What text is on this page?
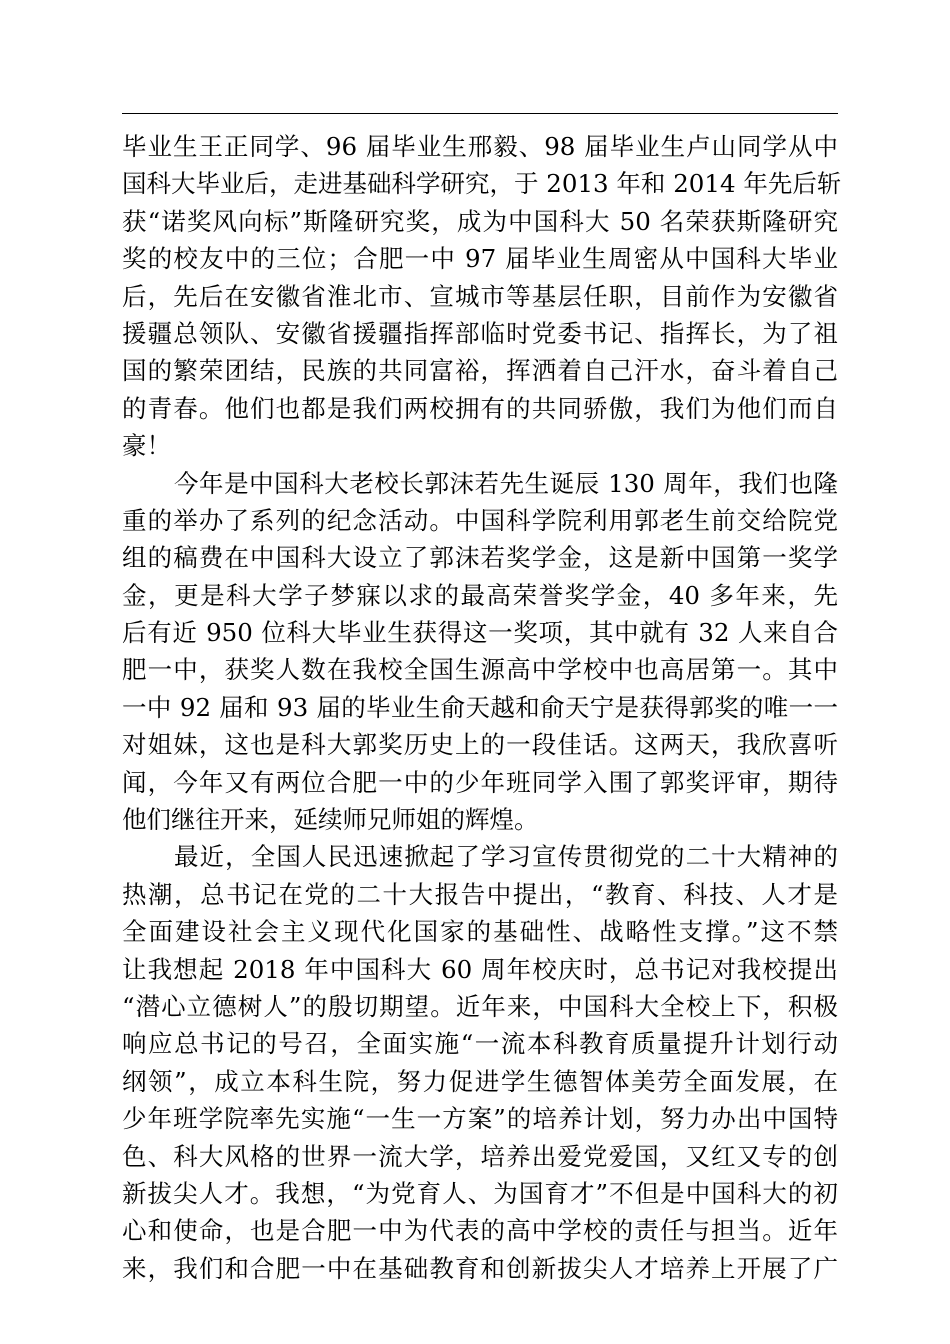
毕业生王正同学、96 届毕业生邢毅、98 届毕业生卢山同学从中
国科大毕业后，走进基础科学研究，于 2013 年和 2014 年先后斩
获“诺奖风向标”斯隆研究奖，成为中国科大 50 名荣获斯隆研究
奖的校友中的三位；合肥一中 97 届毕业生周密从中国科大毕业
后，先后在安徽省淮北市、宣城市等基层任职，目前作为安徽省
援疆总领队、安徽省援疆指挥部临时党委书记、指挥长，为了祖
国的繁荣团结，民族的共同富裕，挥洒着自己汗水，奋斗着自己
的青春。他们也都是我们两校拥有的共同骄傲，我们为他们而自
豪！
今年是中国科大老校长郭沫若先生诞辰 130 周年，我们也隆
重的举办了系列的纪念活动。中国科学院利用郭老生前交给院党
组的稿费在中国科大设立了郭沫若奖学金，这是新中国第一奖学
金，更是科大学子梦寐以求的最高荣誉奖学金，40 多年来，先
后有近 950 位科大毕业生获得这一奖项，其中就有 32 人来自合
肥一中，获奖人数在我校全国生源高中学校中也高居第一。其中
一中 92 届和 93 届的毕业生俞天越和俞天宁是获得郭奖的唯一一
对姐妹，这也是科大郭奖历史上的一段佳话。这两天，我欣喜听
闻，今年又有两位合肥一中的少年班同学入围了郭奖评审，期待
他们继往开来，延续师兄师姐的辉煌。
最近，全国人民迅速掀起了学习宣传贯彻党的二十大精神的
热潮，总书记在党的二十大报告中提出，“教育、科技、人才是
全面建设社会主义现代化国家的基础性、战略性支撑。”这不禁
让我想起 2018 年中国科大 60 周年校庆时，总书记对我校提出
“潜心立德树人”的殷切期望。近年来，中国科大全校上下，积极
响应总书记的号召，全面实施“一流本科教育质量提升计划行动
纲领”，成立本科生院，努力促进学生德智体美劳全面发展，在
少年班学院率先实施“一生一方案”的培养计划，努力办出中国特
色、科大风格的世界一流大学，培养出爱党爱国，又红又专的创
新拔尖人才。我想，“为党育人、为国育才”不但是中国科大的初
心和使命，也是合肥一中为代表的高中学校的责任与担当。近年
来，我们和合肥一中在基础教育和创新拔尖人才培养上开展了广
